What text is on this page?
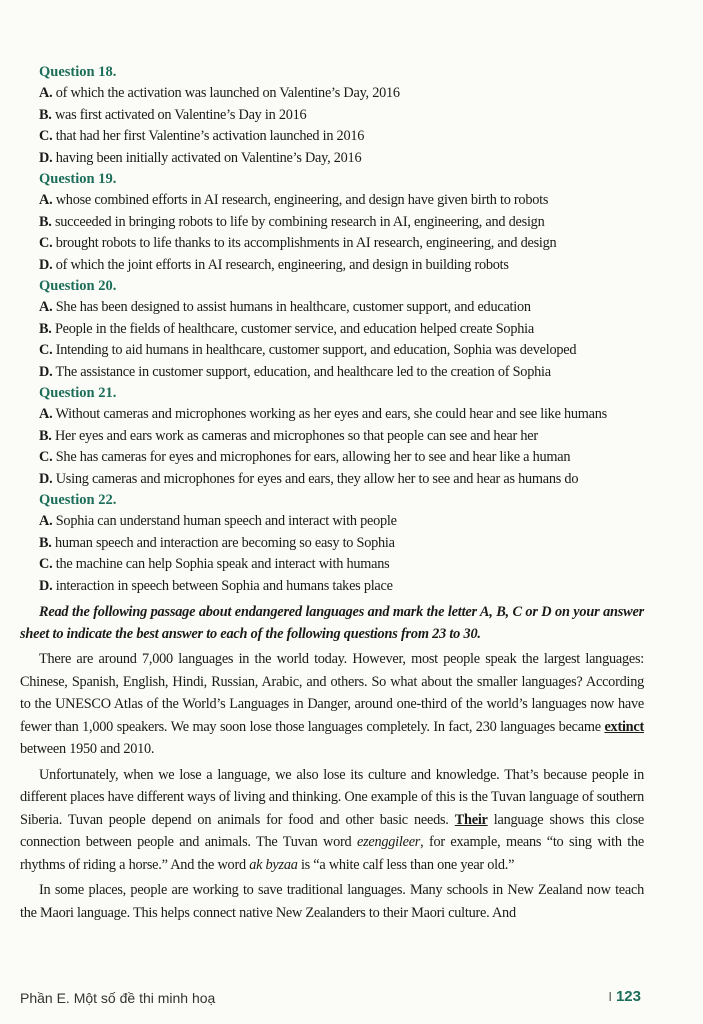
Question 18.
A. of which the activation was launched on Valentine’s Day, 2016
B. was first activated on Valentine’s Day in 2016
C. that had her first Valentine’s activation launched in 2016
D. having been initially activated on Valentine’s Day, 2016
Question 19.
A. whose combined efforts in AI research, engineering, and design have given birth to robots
B. succeeded in bringing robots to life by combining research in AI, engineering, and design
C. brought robots to life thanks to its accomplishments in AI research, engineering, and design
D. of which the joint efforts in AI research, engineering, and design in building robots
Question 20.
A. She has been designed to assist humans in healthcare, customer support, and education
B. People in the fields of healthcare, customer service, and education helped create Sophia
C. Intending to aid humans in healthcare, customer support, and education, Sophia was developed
D. The assistance in customer support, education, and healthcare led to the creation of Sophia
Question 21.
A. Without cameras and microphones working as her eyes and ears, she could hear and see like humans
B. Her eyes and ears work as cameras and microphones so that people can see and hear her
C. She has cameras for eyes and microphones for ears, allowing her to see and hear like a human
D. Using cameras and microphones for eyes and ears, they allow her to see and hear as humans do
Question 22.
A. Sophia can understand human speech and interact with people
B. human speech and interaction are becoming so easy to Sophia
C. the machine can help Sophia speak and interact with humans
D. interaction in speech between Sophia and humans takes place
Read the following passage about endangered languages and mark the letter A, B, C or D on your answer sheet to indicate the best answer to each of the following questions from 23 to 30.
There are around 7,000 languages in the world today. However, most people speak the largest languages: Chinese, Spanish, English, Hindi, Russian, Arabic, and others. So what about the smaller languages? According to the UNESCO Atlas of the World’s Languages in Danger, around one-third of the world’s languages now have fewer than 1,000 speakers. We may soon lose those languages completely. In fact, 230 languages became extinct between 1950 and 2010.
Unfortunately, when we lose a language, we also lose its culture and knowledge. That’s because people in different places have different ways of living and thinking. One example of this is the Tuvan language of southern Siberia. Tuvan people depend on animals for food and other basic needs. Their language shows this close connection between people and animals. The Tuvan word ezenggileer, for example, means “to sing with the rhythms of riding a horse.” And the word ak byzaa is “a white calf less than one year old.”
In some places, people are working to save traditional languages. Many schools in New Zealand now teach the Maori language. This helps connect native New Zealanders to their Maori culture. And
Phần E. Một số đề thi minh hoạ	I 123
